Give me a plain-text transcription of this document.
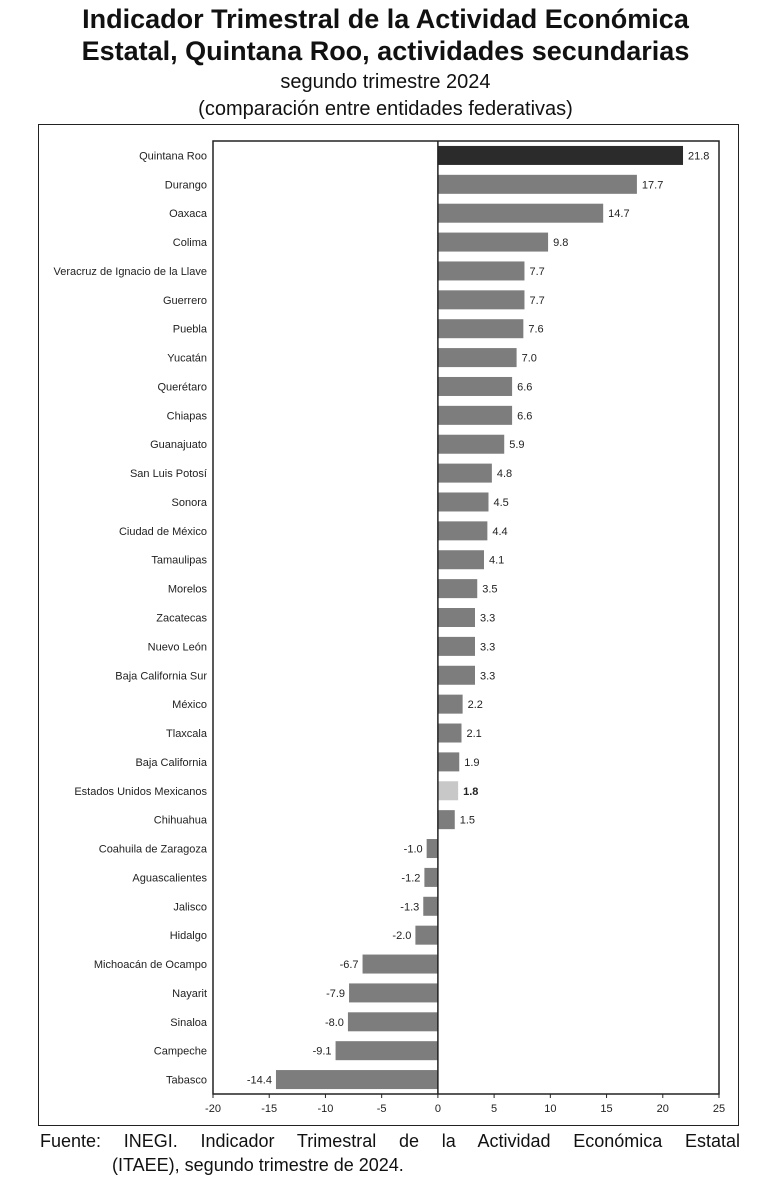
Indicador Trimestral de la Actividad Económica
Estatal, Quintana Roo, actividades secundarias
segundo trimestre 2024
(comparación entre entidades federativas)
Quintana Roo	21.8
Durango	17.7
Oaxaca	14.7
Colima	9.8
Veracruz de Ignacio de la Llave	7.7
Guerrero	7.7
Puebla	7.6
Yucatán	7.0
Querétaro	6.6
Chiapas	6.6
Guanajuato	5.9
San Luis Potosí	4.8
Sonora	4.5
Ciudad de México	4.4
Tamaulipas	4.1
Morelos	3.5
Zacatecas	3.3
Nuevo León	3.3
Baja California Sur	3.3
México	2.2
Tlaxcala	2.1
Baja California	1.9
Estados Unidos Mexicanos	1.8
Chihuahua	1.5
Coahuila de Zaragoza	-1.0
Aguascalientes	-1.2
Jalisco	-1.3
Hidalgo	-2.0
Michoacán de Ocampo	-6.7
Nayarit	-7.9
Sinaloa	-8.0
Campeche	-9.1
Tabasco	-14.4
-20	-15	-10	-5	0	5	10	15	20	25
Fuente: INEGI. Indicador Trimestral de la Actividad Económica Estatal
(ITAEE), segundo trimestre de 2024.
